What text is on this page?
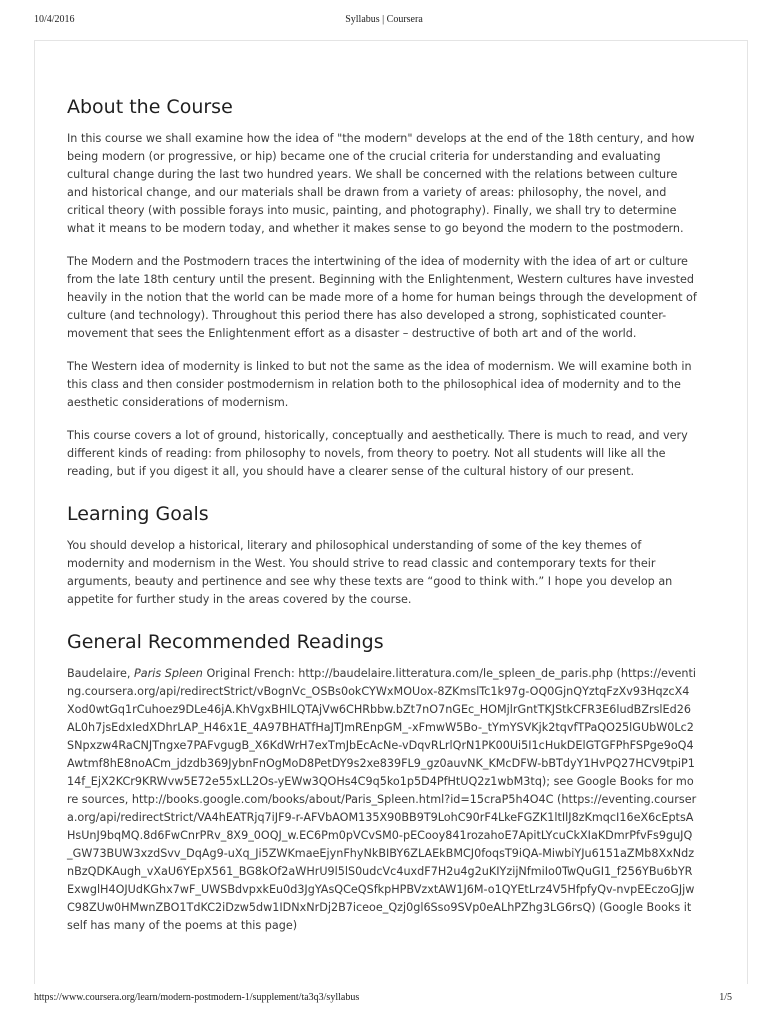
10/4/2016	Syllabus | Coursera
About the Course

In this course we shall examine how the idea of "the modern" develops at the end of the 18th century, and how being modern (or progressive, or hip) became one of the crucial criteria for understanding and evaluating cultural change during the last two hundred years. We shall be concerned with the relations between culture and historical change, and our materials shall be drawn from a variety of areas: philosophy, the novel, and critical theory (with possible forays into music, painting, and photography). Finally, we shall try to determine what it means to be modern today, and whether it makes sense to go beyond the modern to the postmodern.

The Modern and the Postmodern traces the intertwining of the idea of modernity with the idea of art or culture from the late 18th century until the present. Beginning with the Enlightenment, Western cultures have invested heavily in the notion that the world can be made more of a home for human beings through the development of culture (and technology). Throughout this period there has also developed a strong, sophisticated counter-movement that sees the Enlightenment effort as a disaster – destructive of both art and of the world.

The Western idea of modernity is linked to but not the same as the idea of modernism. We will examine both in this class and then consider postmodernism in relation both to the philosophical idea of modernity and to the aesthetic considerations of modernism.

This course covers a lot of ground, historically, conceptually and aesthetically. There is much to read, and very different kinds of reading: from philosophy to novels, from theory to poetry. Not all students will like all the reading, but if you digest it all, you should have a clearer sense of the cultural history of our present.

Learning Goals

You should develop a historical, literary and philosophical understanding of some of the key themes of modernity and modernism in the West. You should strive to read classic and contemporary texts for their arguments, beauty and pertinence and see why these texts are “good to think with.” I hope you develop an appetite for further study in the areas covered by the course.

General Recommended Readings

Baudelaire, Paris Spleen Original French: http://baudelaire.litteratura.com/le_spleen_de_paris.php (https://eventing.coursera.org/api/redirectStrict/vBognVc_OSBs0okCYWxMOUox-8ZKmslTc1k97g-OQ0GjnQYztqFzXv93HqzcX4Xod0wtGq1rCuhoez9DLe46jA.KhVgxBHlLQTAjVw6CHRbbw.bZt7nO7nGEc_HOMjlrGntTKJStkCFR3E6ludBZrslEd26AL0h7jsEdxIedXDhrLAP_H46x1E_4A97BHATfHaJTJmREnpGM_-xFmwW5Bo-_tYmYSVKjk2tqvfTPaQO25lGUbW0Lc2SNpxzw4RaCNJTngxe7PAFvgugB_X6KdWrH7exTmJbEcAcNe-vDqvRLrlQrN1PK00Ui5I1cHukDElGTGFPhFSPge9oQ4Awtmf8hE8noACm_jdzdb369JybnFnOgMoD8PetDY9s2xe839FL9_gz0auvNK_KMcDFW-bBTdyY1HvPQ27HCV9tpiP114f_EjX2KCr9KRWvw5E72e55xLL2Os-yEWw3QOHs4C9q5ko1p5D4PfHtUQ2z1wbM3tq); see Google Books for more sources, http://books.google.com/books/about/Paris_Spleen.html?id=15craP5h4O4C (https://eventing.coursera.org/api/redirectStrict/VA4hEATRjq7iJF9-r-AFVbAOM135X90BB9T9LohC90rF4LkeFGZK1ltIlJ8zKmqcI16eX6cEptsAHsUnJ9bqMQ.8d6FwCnrPRv_8X9_0OQJ_w.EC6Pm0pVCvSM0-pECooy841rozahoE7ApitLYcuCkXIaKDmrPfvFs9guJQ_GW73BUW3xzdSvv_DqAg9-uXq_Ji5ZWKmaeEjynFhyNkBIBY6ZLAEkBMCJ0foqsT9iQA-MiwbiYJu6151aZMb8XxNdznBzQDKAugh_vXaU6YEpX561_BG8kOf2aWHrU9l5lS0udcVc4uxdF7H2u4g2uKIYzijNfmiIo0TwQuGI1_f256YBu6bYRExwglH4OJUdKGhx7wF_UWSBdvpxkEu0d3JgYAsQCeQSfkpHPBVzxtAW1J6M-o1QYEtLrz4V5HfpfyQv-nvpEEczoGJjwC98ZUw0HMwnZBO1TdKC2iDzw5dw1IDNxNrDj2B7iceoe_Qzj0gl6Sso9SVp0eALhPZhg3LG6rsQ) (Google Books itself has many of the poems at this page)

https://www.coursera.org/learn/modern-postmodern-1/supplement/ta3q3/syllabus	1/5
